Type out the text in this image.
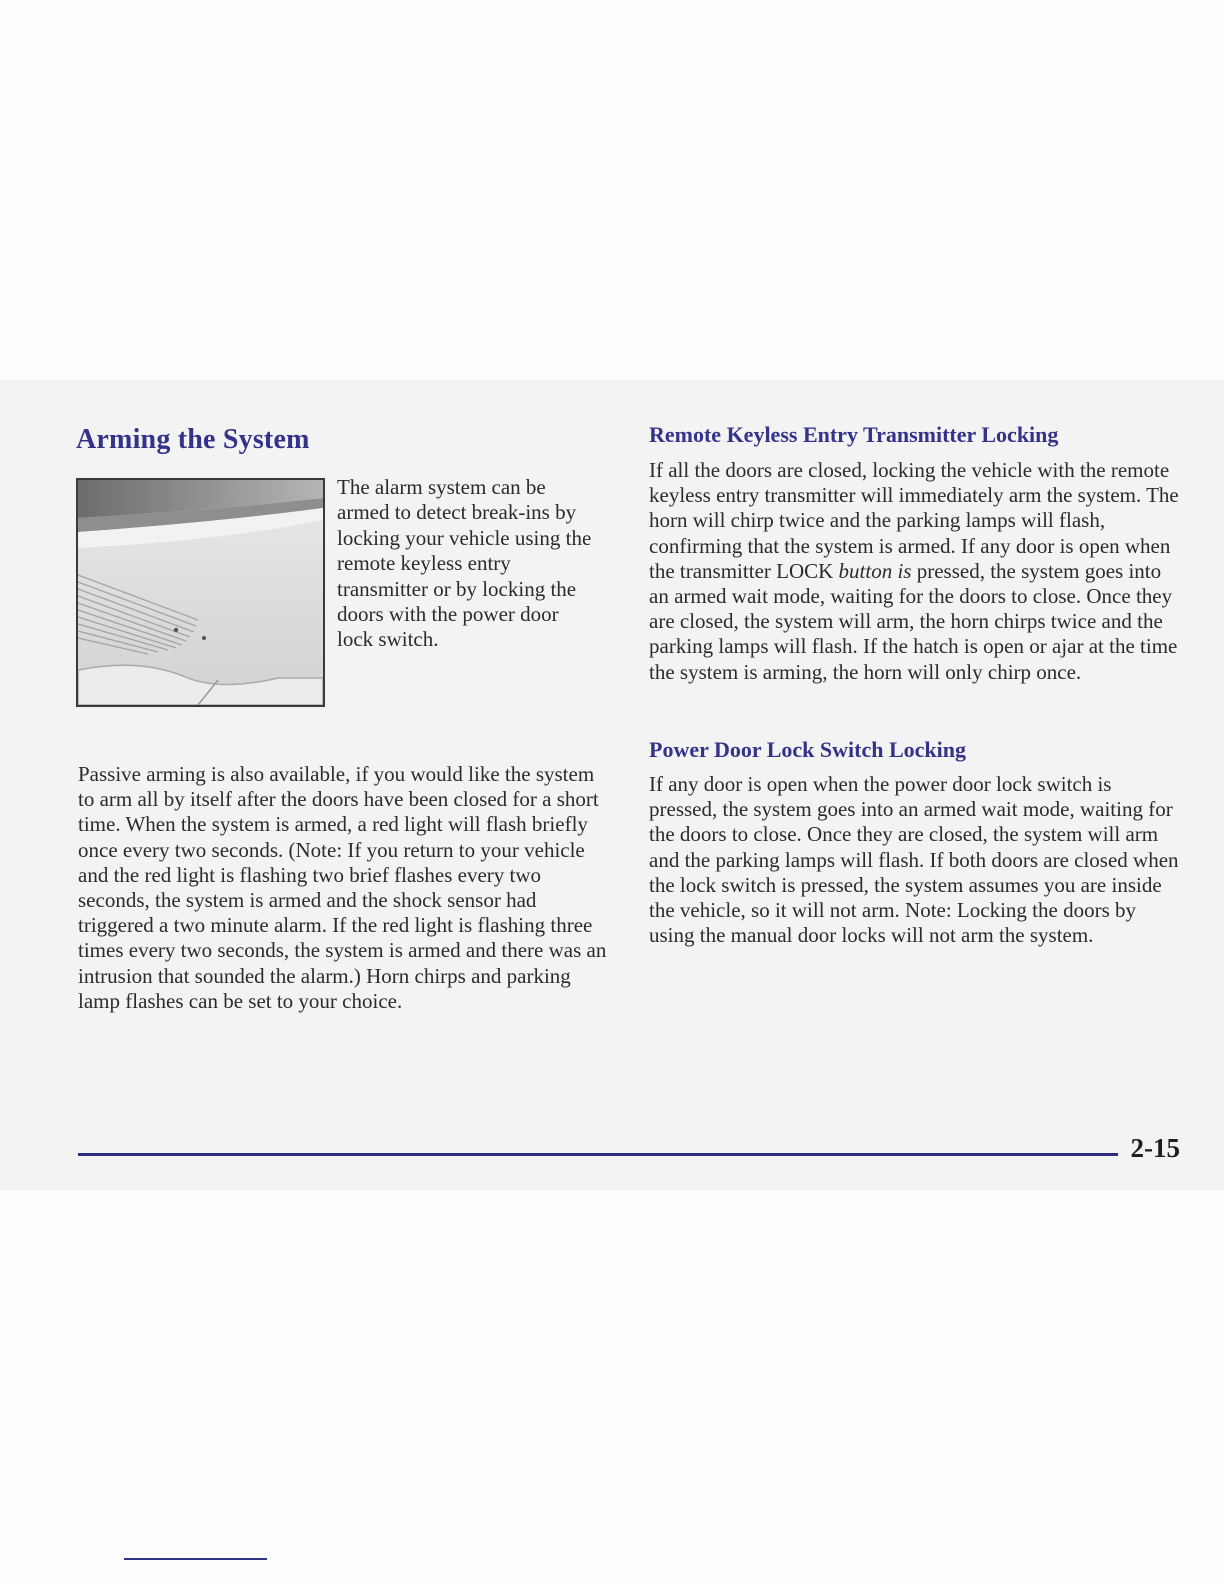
Arming the System

The alarm system can be armed to detect break-ins by locking your vehicle using the remote keyless entry transmitter or by locking the doors with the power door lock switch.

Passive arming is also available, if you would like the system to arm all by itself after the doors have been closed for a short time. When the system is armed, a red light will flash briefly once every two seconds. (Note: If you return to your vehicle and the red light is flashing two brief flashes every two seconds, the system is armed and the shock sensor had triggered a two minute alarm. If the red light is flashing three times every two seconds, the system is armed and there was an intrusion that sounded the alarm.) Horn chirps and parking lamp flashes can be set to your choice.

Remote Keyless Entry Transmitter Locking

If all the doors are closed, locking the vehicle with the remote keyless entry transmitter will immediately arm the system. The horn will chirp twice and the parking lamps will flash, confirming that the system is armed. If any door is open when the transmitter LOCK button is pressed, the system goes into an armed wait mode, waiting for the doors to close. Once they are closed, the system will arm, the horn chirps twice and the parking lamps will flash. If the hatch is open or ajar at the time the system is arming, the horn will only chirp once.

Power Door Lock Switch Locking

If any door is open when the power door lock switch is pressed, the system goes into an armed wait mode, waiting for the doors to close. Once they are closed, the system will arm and the parking lamps will flash. If both doors are closed when the lock switch is pressed, the system assumes you are inside the vehicle, so it will not arm. Note: Locking the doors by using the manual door locks will not arm the system.

2-15
